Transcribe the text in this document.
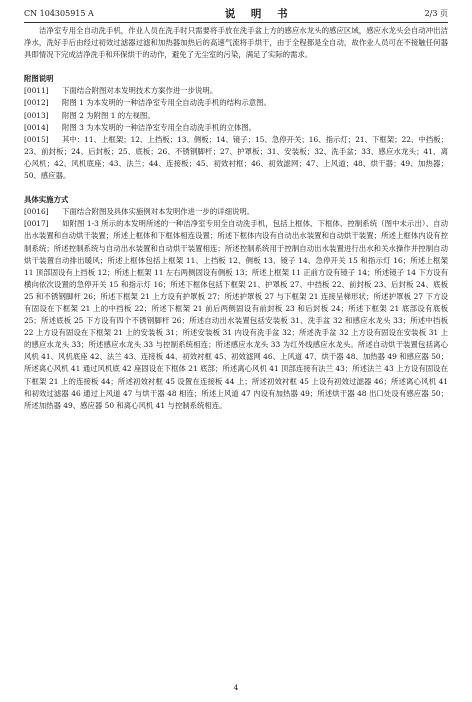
CN 104305915 A	说 明 书	2/3 页

洁净室专用全自动洗手机，作业人员在洗手时只需要将手放在洗手盆上方的感应水龙头的感应区域，感应水龙头会自动冲出洁净水，洗好手后由经过初效过滤器过滤和加热器加热后的高速气流将手烘干，由于全程都是全自动，故作业人员可在不接触任何器具即情况下完成洁净洗手和环保烘干的动作，避免了无尘室的污染，满足了实际的需求。

附图说明

[0011] 下面结合附图对本发明技术方案作进一步说明。

[0012] 附图 1 为本发明的一种洁净室专用全自动洗手机的结构示意图。

[0013] 附图 2 为附图 1 的左视图。

[0014] 附图 3 为本发明的一种洁净室专用全自动洗手机的立体图。

[0015] 其中：11、上框架；12、上挡板；13、侧板；14、镜子；15、急停开关；16、指示灯；21、下框架；22、中挡板；23、前封板；24、后封板；25、底板；26、不锈钢脚杆；27、护罩板；31、安装板；32、洗手盆；33、感应水龙头；41、离心风机；42、风机底座；43、法兰；44、连接板；45、初效衬框；46、初效滤网；47、上风道；48、烘干器；49、加热器；50、感应器。

具体实施方式

[0016] 下面结合附图及具体实施例对本发明作进一步的详细说明。

[0017] 如附图 1-3 所示的本发明所述的一种洁净室专用全自动洗手机，包括上框体、下框体、控制系统（图中未示出）、自动出水装置和自动烘干装置；所述上框体和下框体相连设置；所述下框体内设有自动出水装置和自动烘干装置；所述上框体内设有控制系统；所述控制系统与自动出水装置和自动烘干装置相连；所述控制系统用于控制自动出水装置进行出水和关水操作并控制自动烘干装置自动排出暖风；所述上框体包括上框架 11、上挡板 12、侧板 13、镜子 14、急停开关 15 和指示灯 16；所述上框架 11 顶部固设有上挡板 12；所述上框架 11 左右两侧固设有侧板 13；所述上框架 11 正前方设有镜子 14；所述镜子 14 下方设有横向依次设置的急停开关 15 和指示灯 16；所述下框体包括下框架 21、护罩板 27、中挡板 22、前封板 23、后封板 24、底板 25 和不锈钢脚杆 26；所述下框架 21 上方设有护罩板 27；所述护罩板 27 与下框架 21 连接呈梯形状；所述护罩板 27 下方设有固设在下框架 21 上的中挡板 22；所述下框架 21 前后两侧固设有前封板 23 和后封板 24；所述下框架 21 底部设有底板 25；所述底板 25 下方设有四个不锈钢脚杆 26；所述自动出水装置包括安装板 31、洗手盆 32 和感应水龙头 33；所述中挡板 22 上方设有固设在下框架 21 上的安装板 31；所述安装板 31 内设有洗手盆 32；所述洗手盆 32 上方设有固设在安装板 31 上的感应水龙头 33；所述感应水龙头 33 与控制系统相连；所述感应水龙头 33 为红外线感应水龙头。所述自动烘干装置包括离心风机 41、风机底座 42、法兰 43、连接板 44、初效衬框 45、初效滤网 46、上风道 47、烘干器 48、加热器 49 和感应器 50；所述离心风机 41 通过风机底 42 座固设在下框体 21 底部；所述离心风机 41 顶部连接有法兰 43；所述法兰 43 上方设有固设在下框架 21 上的连接板 44；所述初效衬框 45 设置在连接板 44 上；所述初效衬框 45 上设有初效过滤器 46；所述离心风机 41 和初效过滤器 46 通过上风道 47 与烘干器 48 相连；所述上风道 47 内设有加热器 49；所述烘干器 48 出口处设有感应器 50；所述加热器 49、感应器 50 和离心风机 41 与控制系统相连。

4
